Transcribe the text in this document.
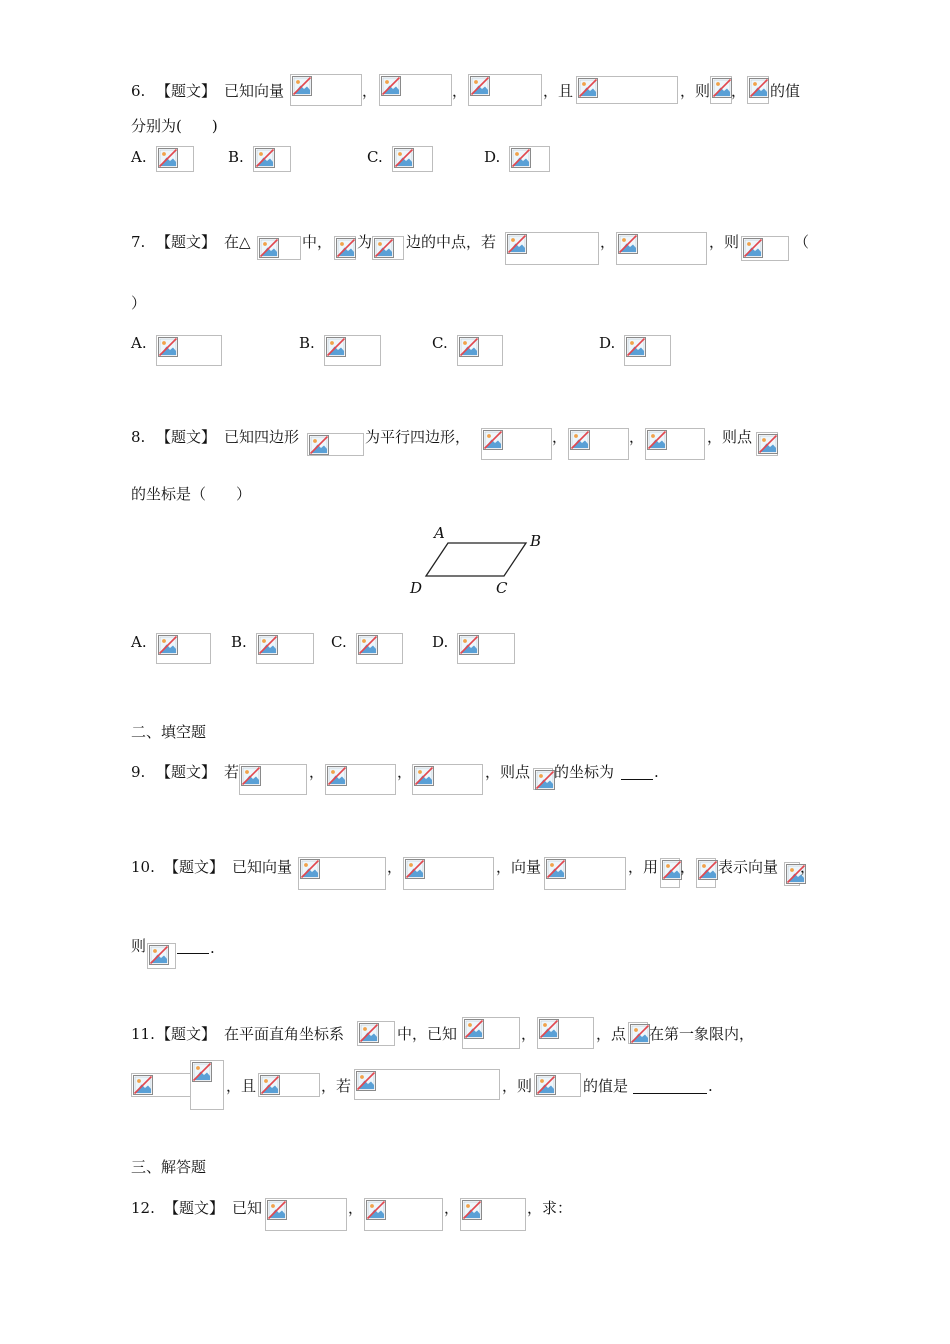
6. 【题文】 已知向量	，	，	，且	，则 ， 的值
分别为(　　)
A.	B.	C.	D.
7. 【题文】 在△	中， 为 边的中点，若	，	，则	（
）
A.	B.	C.	D.
8. 【题文】 已知四边形	为平行四边形，	，	，	，则点
的坐标是（　　）
A	B
D	C
A.	B.	C.	D.
二、填空题
9. 【题文】 若	，	，	，则点 的坐标为	.
10. 【题文】 已知向量	，	，向量	，用 ， 表示向量 ，
则	.
11. 【题文】 在平面直角坐标系	中，已知	，	，点 在第一象限内，
，且	，若	，则	的值是	.
三、解答题
12. 【题文】 已知	，	，	，求：
